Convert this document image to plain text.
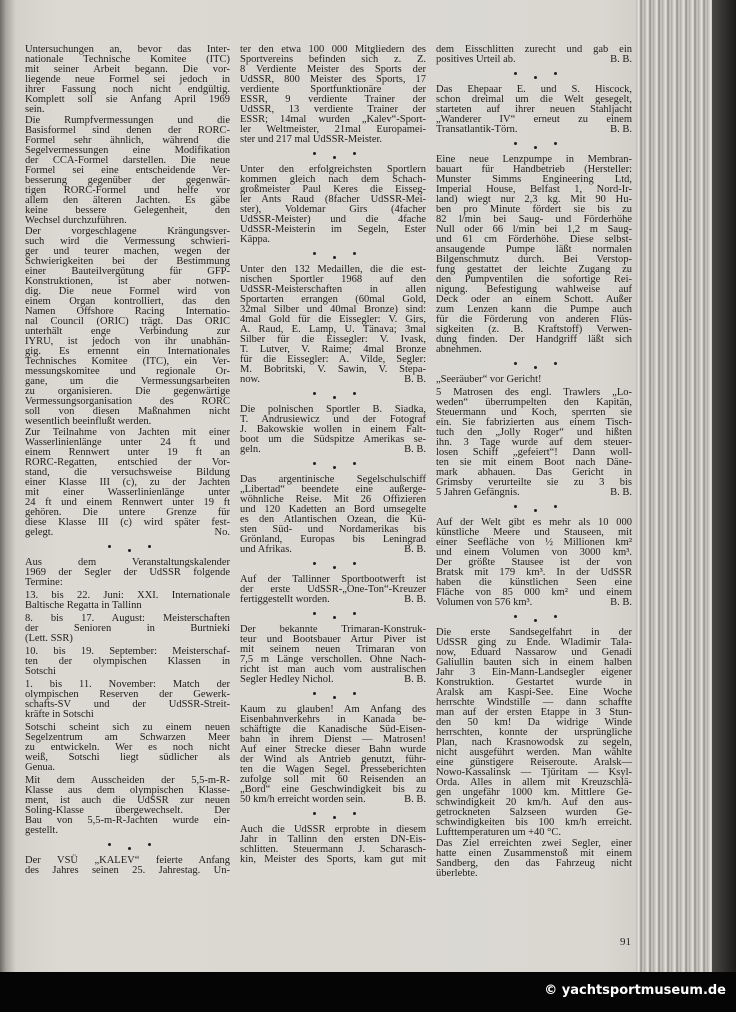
Untersuchungen an, bevor das Inter-
nationale Technische Komitee (ITC)
mit seiner Arbeit begann. Die vor-
liegende neue Formel sei jedoch in
ihrer Fassung noch nicht endgültig.
Komplett soll sie Anfang April 1969
sein.
Die Rumpfvermessungen und die
Basisformel sind denen der RORC-
Formel sehr ähnlich, während die
Segelvermessungen eine Modifikation
der CCA-Formel darstellen. Die neue
Formel sei eine entscheidende Ver-
besserung gegenüber der gegenwär-
tigen RORC-Formel und helfe vor
allem den älteren Jachten. Es gäbe
keine bessere Gelegenheit, den
Wechsel durchzuführen.
Der vorgeschlagene Krängungsver-
such wird die Vermessung schwieri-
ger und teurer machen, wegen der
Schwierigkeiten bei der Bestimmung
einer Bauteilvergütung für GFP-
Konstruktionen, ist aber notwen-
dig. Die neue Formel wird von
einem Organ kontrolliert, das den
Namen Offshore Racing Internatio-
nal Council (ORIC) trägt. Das ORIC
unterhält enge Verbindung zur
IYRU, ist jedoch von ihr unabhän-
gig. Es ernennt ein Internationales
Technisches Komitee (ITC), ein Ver-
messungskomitee und regionale Or-
gane, um die Vermessungsarbeiten
zu organisieren. Die gegenwärtige
Vermessungsorganisation des RORC
soll von diesen Maßnahmen nicht
wesentlich beeinflußt werden.
Zur Teilnahme von Jachten mit einer
Wasserlinienlänge unter 24 ft und
einem Rennwert unter 19 ft an
RORC-Regatten, entschied der Vor-
stand, die versuchsweise Bildung
einer Klasse III (c), zu der Jachten
mit einer Wasserlinienlänge unter
24 ft und einem Rennwert unter 19 ft
gehören. Die untere Grenze für
diese Klasse III (c) wird später fest-
gelegt.	No.
Aus dem Veranstaltungskalender
1969 der Segler der UdSSR folgende
Termine:
13. bis 22. Juni: XXI. Internationale
Baltische Regatta in Tallinn
8. bis 17. August: Meisterschaften
der Senioren in Burtnieki
(Lett. SSR)
10. bis 19. September: Meisterschaf-
ten der olympischen Klassen in
Sotschi
1. bis 11. November: Match der
olympischen Reserven der Gewerk-
schafts-SV und der UdSSR-Streit-
kräfte in Sotschi
Sotschi scheint sich zu einem neuen
Segelzentrum am Schwarzen Meer
zu entwickeln. Wer es noch nicht
weiß, Sotschi liegt südlicher als
Genua.
Mit dem Ausscheiden der 5,5-m-R-
Klasse aus dem olympischen Klasse-
ment, ist auch die UdSSR zur neuen
Soling-Klasse übergewechselt. Der
Bau von 5,5-m-R-Jachten wurde ein-
gestellt.
Der VSÜ „KALEV“ feierte Anfang
des Jahres seinen 25. Jahrestag. Un-
ter den etwa 100 000 Mitgliedern des
Sportvereins befinden sich z. Z.
8 Verdiente Meister des Sports der
UdSSR, 800 Meister des Sports, 17
verdiente Sportfunktionäre der
ESSR, 9 verdiente Trainer der
UdSSR, 13 verdiente Trainer der
ESSR; 14mal wurden „Kalev“-Sport-
ler Weltmeister, 21mal Europamei-
ster und 217 mal UdSSR-Meister.
Unter den erfolgreichsten Sportlern
kommen gleich nach dem Schach-
großmeister Paul Keres die Eisseg-
ler Ants Raud (8facher UdSSR-Mei-
ster), Voldemar Girs (4facher
UdSSR-Meister) und die 4fache
UdSSR-Meisterin im Segeln, Ester
Käppa.
Unter den 132 Medaillen, die die est-
nischen Sportler 1968 auf den
UdSSR-Meisterschaften in allen
Sportarten errangen (60mal Gold,
32mal Silber und 40mal Bronze) sind:
4mal Gold für die Eissegler: V. Girs,
A. Raud, E. Lamp, U. Tänava; 3mal
Silber für die Eissegler: V. Ivask,
T. Lutver, V. Raime; 4mal Bronze
für die Eissegler: A. Vilde, Segler:
M. Bobritski, V. Sawin, V. Stepa-
now.	B. B.
Die polnischen Sportler B. Siadka,
T. Andrusiewicz und der Fotograf
J. Bakowskie wollen in einem Falt-
boot um die Südspitze Amerikas se-
geln.	B. B.
Das argentinische Segelschulschiff
„Libertad“ beendete eine außerge-
wöhnliche Reise. Mit 26 Offizieren
und 120 Kadetten an Bord umsegelte
es den Atlantischen Ozean, die Kü-
sten Süd- und Nordamerikas bis
Grönland, Europas bis Leningrad
und Afrikas.	B. B.
Auf der Tallinner Sportbootwerft ist
der erste UdSSR-„One-Ton“-Kreuzer
fertiggestellt worden.	B. B.
Der bekannte Trimaran-Konstruk-
teur und Bootsbauer Artur Piver ist
mit seinem neuen Trimaran von
7,5 m Länge verschollen. Ohne Nach-
richt ist man auch vom australischen
Segler Hedley Nichol.	B. B.
Kaum zu glauben! Am Anfang des
Eisenbahnverkehrs in Kanada be-
schäftigte die Kanadische Süd-Eisen-
bahn in ihrem Dienst — Matrosen!
Auf einer Strecke dieser Bahn wurde
der Wind als Antrieb genutzt, führ-
ten die Wagen Segel. Presseberichten
zufolge soll mit 60 Reisenden an
„Bord“ eine Geschwindigkeit bis zu
50 km/h erreicht worden sein.	B. B.
Auch die UdSSR erprobte in diesem
Jahr in Tallinn den ersten DN-Eis-
schlitten. Steuermann J. Scharasch-
kin, Meister des Sports, kam gut mit
dem Eisschlitten zurecht und gab ein
positives Urteil ab.	B. B.
Das Ehepaar E. und S. Hiscock,
schon dreimal um die Welt gesegelt,
starteten auf ihrer neuen Stahljacht
„Wanderer IV“ erneut zu einem
Transatlantik-Törn.	B. B.
Eine neue Lenzpumpe in Membran-
bauart für Handbetrieb (Hersteller:
Munster Simms Engineering Ltd,
Imperial House, Belfast 1, Nord-Ir-
land) wiegt nur 2,3 kg. Mit 90 Hu-
ben pro Minute fördert sie bis zu
82 l/min bei Saug- und Förderhöhe
Null oder 66 l/min bei 1,2 m Saug-
und 61 cm Förderhöhe. Diese selbst-
ansaugende Pumpe läßt normalen
Bilgenschmutz durch. Bei Verstop-
fung gestattet der leichte Zugang zu
den Pumpventilen die sofortige Rei-
nigung. Befestigung wahlweise auf
Deck oder an einem Schott. Außer
zum Lenzen kann die Pumpe auch
für die Förderung von anderen Flüs-
sigkeiten (z. B. Kraftstoff) Verwen-
dung finden. Der Handgriff läßt sich
abnehmen.
„Seeräuber“ vor Gericht!
5 Matrosen des engl. Trawlers „Lo-
weden“ überrumpelten den Kapitän,
Steuermann und Koch, sperrten sie
ein. Sie fabrizierten aus einem Tisch-
tuch den „Jolly Roger“ und hißten
ihn. 3 Tage wurde auf dem steuer-
losen Schiff „gefeiert“! Dann woll-
ten sie mit einem Boot nach Däne-
mark abhauen. Das Gericht in
Grimsby verurteilte sie zu 3 bis
5 Jahren Gefängnis.	B. B.
Auf der Welt gibt es mehr als 10 000
künstliche Meere und Stauseen, mit
einer Seefläche von ½ Millionen km²
und einem Volumen von 3000 km³.
Der größte Stausee ist der von
Bratsk mit 179 km³. In der UdSSR
haben die künstlichen Seen eine
Fläche von 85 000 km² und einem
Volumen von 576 km³.	B. B.
Die erste Sandsegelfahrt in der
UdSSR ging zu Ende. Wladimir Tala-
now, Eduard Nassarow und Genadi
Galiullin bauten sich in einem halben
Jahr 3 Ein-Mann-Landsegler eigener
Konstruktion. Gestartet wurde in
Aralsk am Kaspi-See. Eine Woche
herrschte Windstille — dann schaffte
man auf der ersten Etappe in 3 Stun-
den 50 km! Da widrige Winde
herrschten, konnte der ursprüngliche
Plan, nach Krasnowodsk zu segeln,
nicht ausgeführt werden. Man wählte
eine günstigere Reiseroute. Aralsk—
Nowo-Kassalinsk — Tjüritam — Ksyl-
Orda. Alles in allem mit Kreuzschlä-
gen ungefähr 1000 km. Mittlere Ge-
schwindigkeit 20 km/h. Auf den aus-
getrockneten Salzseen wurden Ge-
schwindigkeiten bis 100 km/h erreicht.
Lufttemperaturen um +40 °C.
Das Ziel erreichten zwei Segler, einer
hatte einen Zusammenstoß mit einem
Sandberg, den das Fahrzeug nicht
überlebte.
91
© yachtsportmuseum.de
